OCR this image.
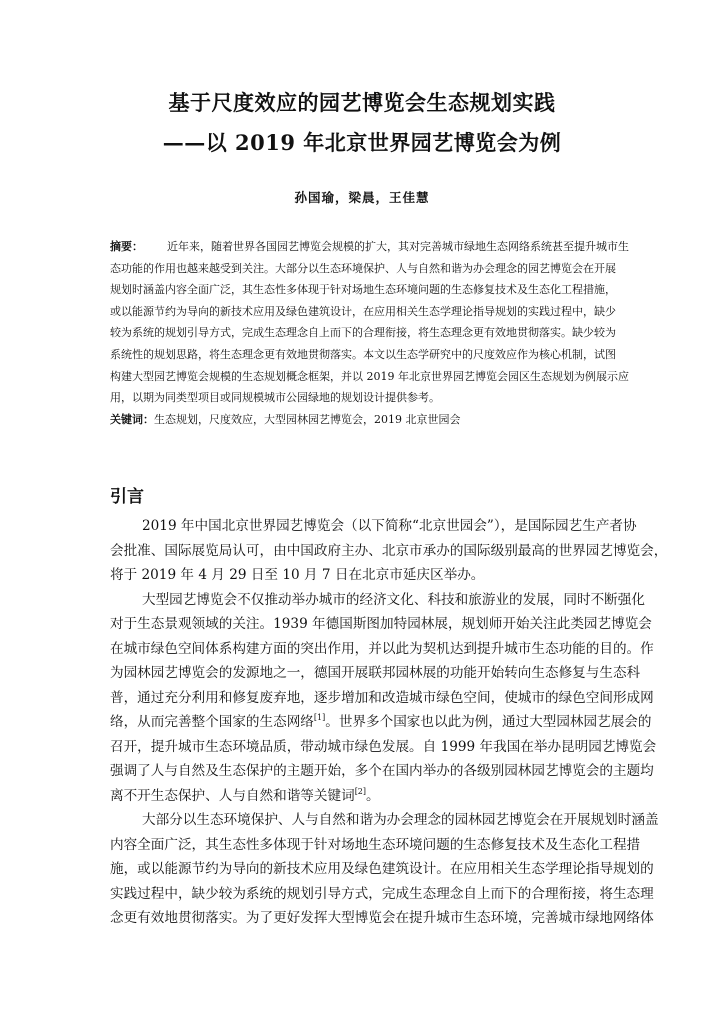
基于尺度效应的园艺博览会生态规划实践
——以 2019 年北京世界园艺博览会为例
孙国瑜，梁晨，王佳慧
摘要： 近年来，随着世界各国园艺博览会规模的扩大，其对完善城市绿地生态网络系统甚至提升城市生
态功能的作用也越来越受到关注。大部分以生态环境保护、人与自然和谐为办会理念的园艺博览会在开展
规划时涵盖内容全面广泛，其生态性多体现于针对场地生态环境问题的生态修复技术及生态化工程措施，
或以能源节约为导向的新技术应用及绿色建筑设计，在应用相关生态学理论指导规划的实践过程中，缺少
较为系统的规划引导方式，完成生态理念自上而下的合理衔接，将生态理念更有效地贯彻落实。缺少较为
系统性的规划思路，将生态理念更有效地贯彻落实。本文以生态学研究中的尺度效应作为核心机制，试图
构建大型园艺博览会规模的生态规划概念框架，并以 2019 年北京世界园艺博览会园区生态规划为例展示应
用，以期为同类型项目或同规模城市公园绿地的规划设计提供参考。
关键词：生态规划，尺度效应，大型园林园艺博览会，2019 北京世园会
引言
2019 年中国北京世界园艺博览会（以下简称“北京世园会”），是国际园艺生产者协
会批准、国际展览局认可，由中国政府主办、北京市承办的国际级别最高的世界园艺博览会，
将于 2019 年 4 月 29 日至 10 月 7 日在北京市延庆区举办。
大型园艺博览会不仅推动举办城市的经济文化、科技和旅游业的发展，同时不断强化
对于生态景观领域的关注。1939 年德国斯图加特园林展，规划师开始关注此类园艺博览会
在城市绿色空间体系构建方面的突出作用，并以此为契机达到提升城市生态功能的目的。作
为园林园艺博览会的发源地之一，德国开展联邦园林展的功能开始转向生态修复与生态科
普，通过充分利用和修复废弃地，逐步增加和改造城市绿色空间，使城市的绿色空间形成网
络，从而完善整个国家的生态网络[1]。世界多个国家也以此为例，通过大型园林园艺展会的
召开，提升城市生态环境品质，带动城市绿色发展。自 1999 年我国在举办昆明园艺博览会
强调了人与自然及生态保护的主题开始，多个在国内举办的各级别园林园艺博览会的主题均
离不开生态保护、人与自然和谐等关键词[2]。
大部分以生态环境保护、人与自然和谐为办会理念的园林园艺博览会在开展规划时涵盖
内容全面广泛，其生态性多体现于针对场地生态环境问题的生态修复技术及生态化工程措
施，或以能源节约为导向的新技术应用及绿色建筑设计。在应用相关生态学理论指导规划的
实践过程中，缺少较为系统的规划引导方式，完成生态理念自上而下的合理衔接，将生态理
念更有效地贯彻落实。为了更好发挥大型博览会在提升城市生态环境，完善城市绿地网络体
